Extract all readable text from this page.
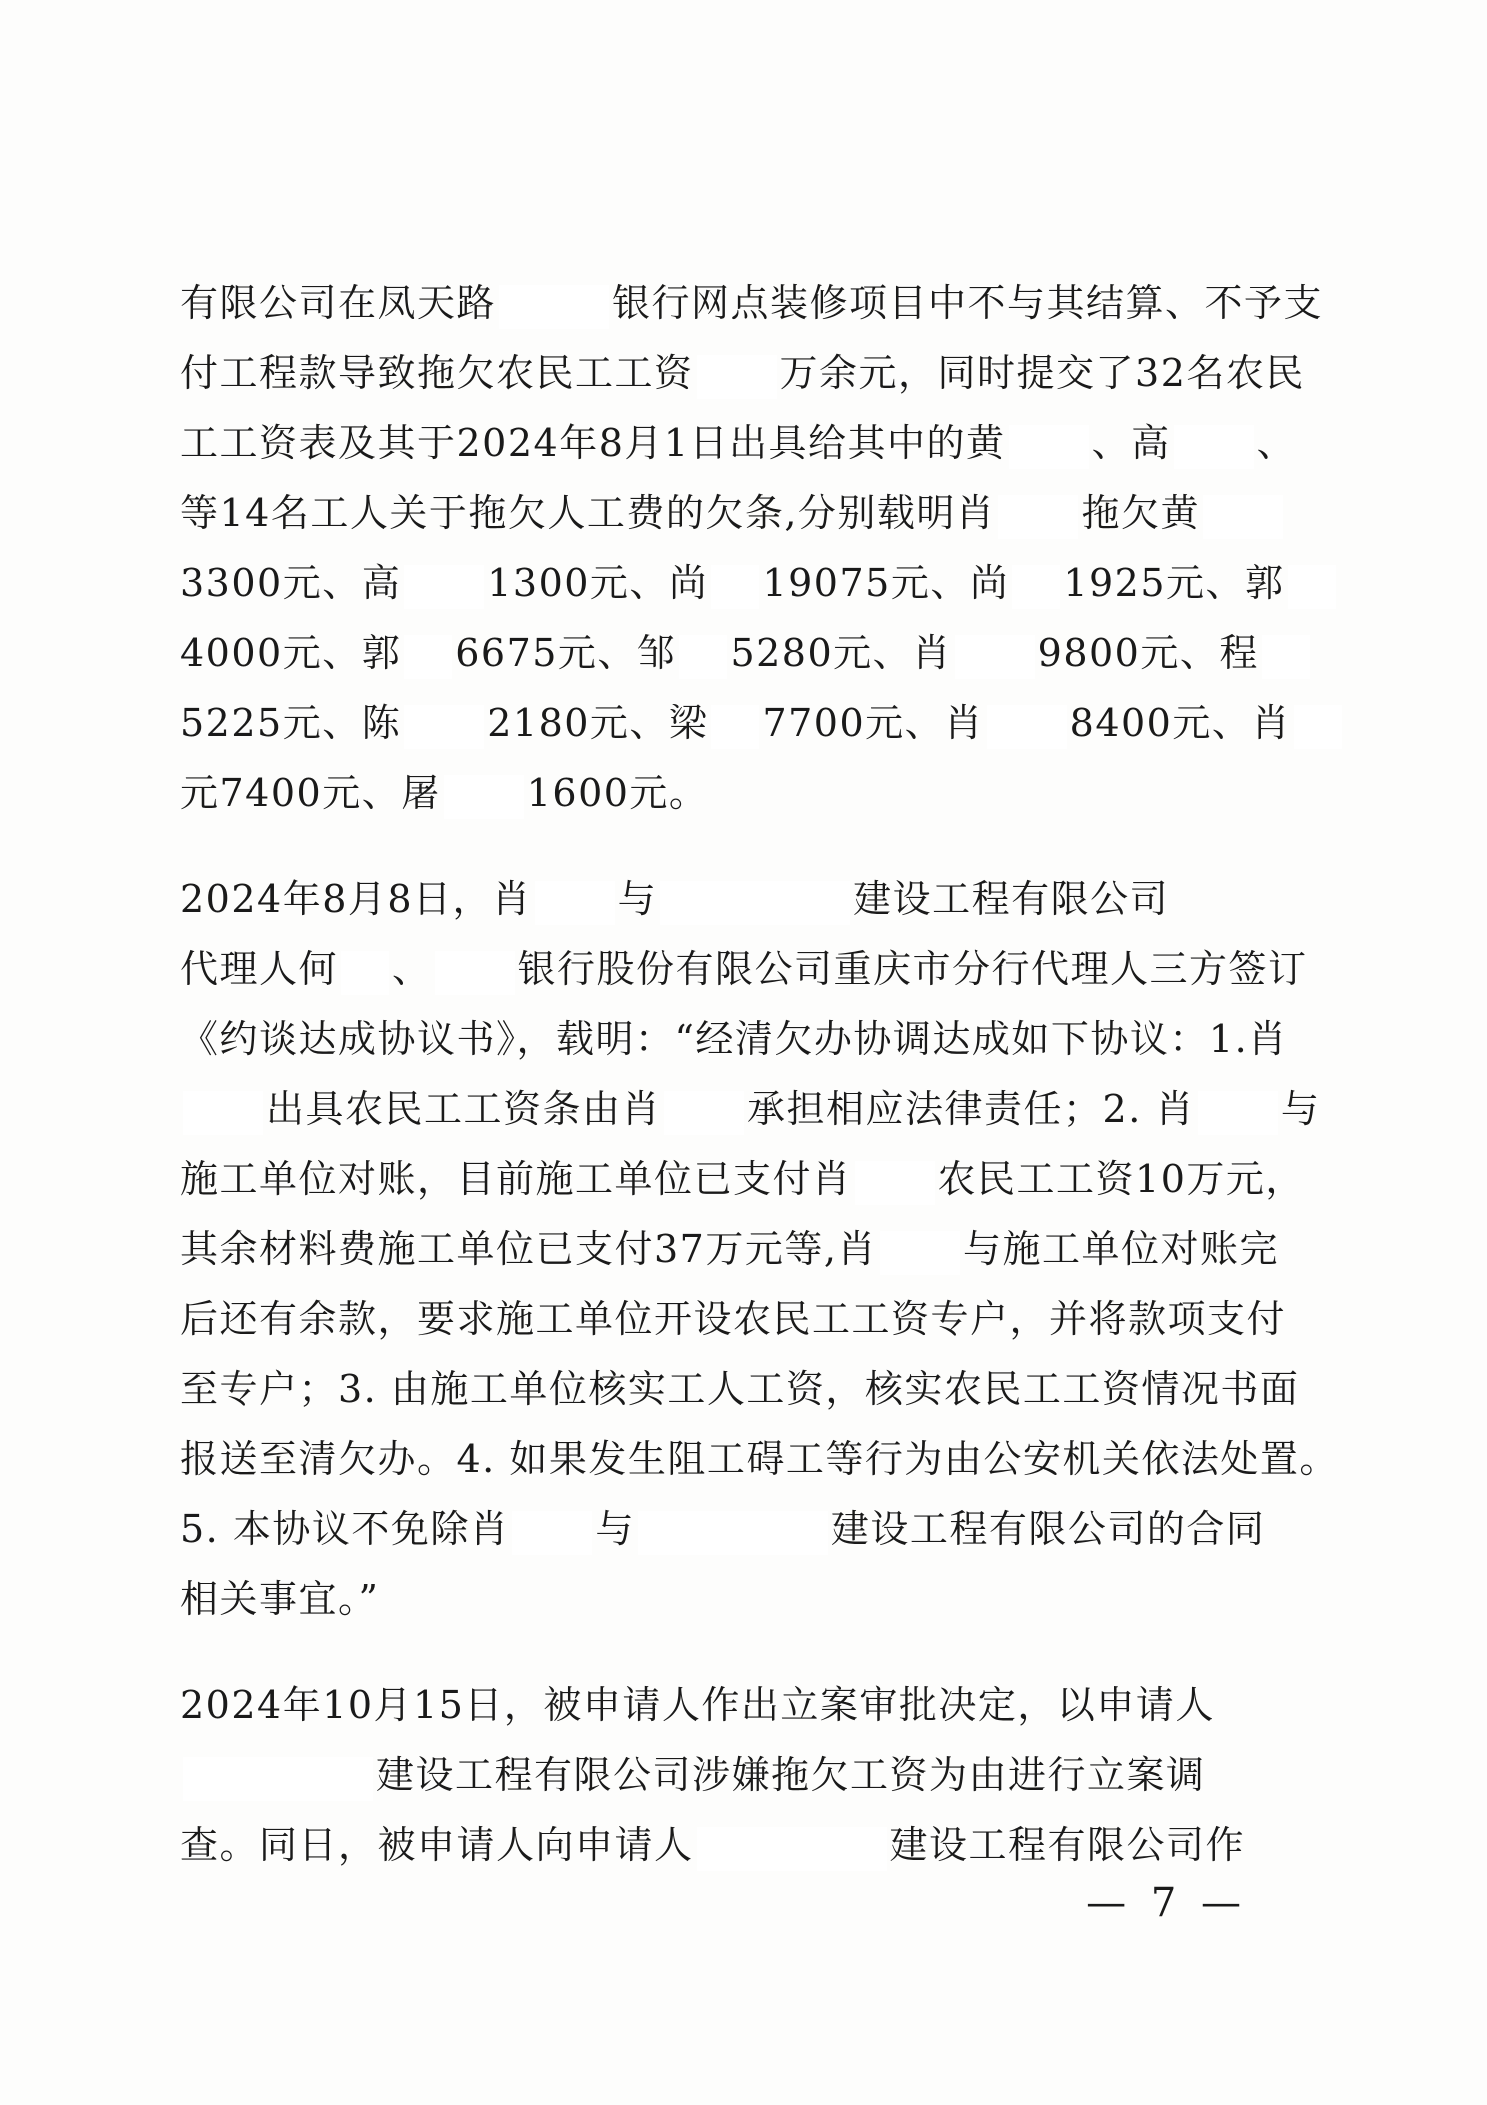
有限公司在凤天路	银行网点装修项目中不与其结算、不予支
付工程款导致拖欠农民工工资 万余元，同时提交了32名农民
工工资表及其于2024年8月1日出具给其中的黄 、高 、
等14名工人关于拖欠人工费的欠条,分别载明肖 拖欠黄
3300元、高 1300元、尚 19075元、尚 1925元、郭
4000元、郭 6675元、邹 5280元、肖 9800元、程
5225元、陈 2180元、梁 7700元、肖 8400元、肖
元7400元、屠 1600元。
2024年8月8日，肖 与	建设工程有限公司
代理人何 、 银行股份有限公司重庆市分行代理人三方签订
《约谈达成协议书》，载明：“经清欠办协调达成如下协议：1.肖
出具农民工工资条由肖 承担相应法律责任；2. 肖 与
施工单位对账，目前施工单位已支付肖 农民工工资10万元，
其余材料费施工单位已支付37万元等,肖 与施工单位对账完
后还有余款，要求施工单位开设农民工工资专户，并将款项支付
至专户；3. 由施工单位核实工人工资，核实农民工工资情况书面
报送至清欠办。4. 如果发生阻工碍工等行为由公安机关依法处置。
5. 本协议不免除肖 与	建设工程有限公司的合同
相关事宜。”
2024年10月15日，被申请人作出立案审批决定，以申请人
建设工程有限公司涉嫌拖欠工资为由进行立案调
查。同日，被申请人向申请人	建设工程有限公司作
— 7 —
